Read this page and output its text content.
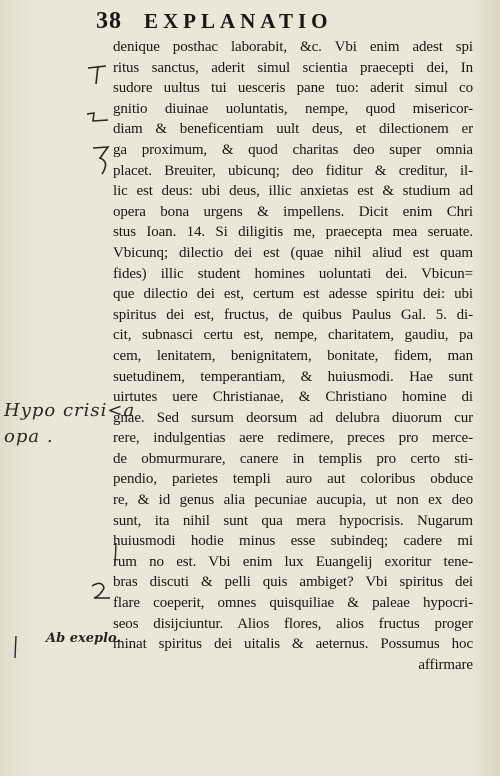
38 EXPLANATIO
denique posthac laborabit, &c. Vbi enim adest spi
ritus sanctus, aderit simul scientia praecepti dei, In
sudore uultus tui uesceris pane tuo: aderit simul co
gnitio diuinae uoluntatis, nempe, quod misericor-
diam & beneficentiam uult deus, et dilectionem er
ga proximum, & quod charitas deo super omnia
placet. Breuiter, ubicunq; deo fiditur & creditur, il-
lic est deus: ubi deus, illic anxietas est & studium ad
opera bona urgens & impellens. Dicit enim Chri
stus Ioan. 14. Si diligitis me, praecepta mea seruate.
Vbicunq; dilectio dei est (quae nihil aliud est quam
fides) illic student homines uoluntati dei. Vbicun=
que dilectio dei est, certum est adesse spiritu dei: ubi
spiritus dei est, fructus, de quibus Paulus Gal. 5. di-
cit, subnasci certu est, nempe, charitatem, gaudiu, pa
cem, lenitatem, benignitatem, bonitate, fidem, man
suetudinem, temperantiam, & huiusmodi. Hae sunt
uirtutes uere Christianae, & Christiano homine di
gnae. Sed sursum deorsum ad delubra diuorum cur
rere, indulgentias aere redimere, preces pro merce-
de obmurmurare, canere in templis pro certo sti-
pendio, parietes templi auro aut coloribus obduce
re, & id genus alia pecuniae aucupia, ut non ex deo
sunt, ita nihil sunt qua mera hypocrisis. Nugarum
huiusmodi hodie minus esse subindeq; cadere mi
rum no est. Vbi enim lux Euangelij exoritur tene-
bras discuti & pelli quis ambiget? Vbi spiritus dei
flare coeperit, omnes quisquiliae & paleae hypocri-
seos disijciuntur. Alios flores, alios fructus proger
minat spiritus dei uitalis & aeternus. Possumus hoc
affirmare
Hypo crisi<a
opa .
Ab exeplo.
